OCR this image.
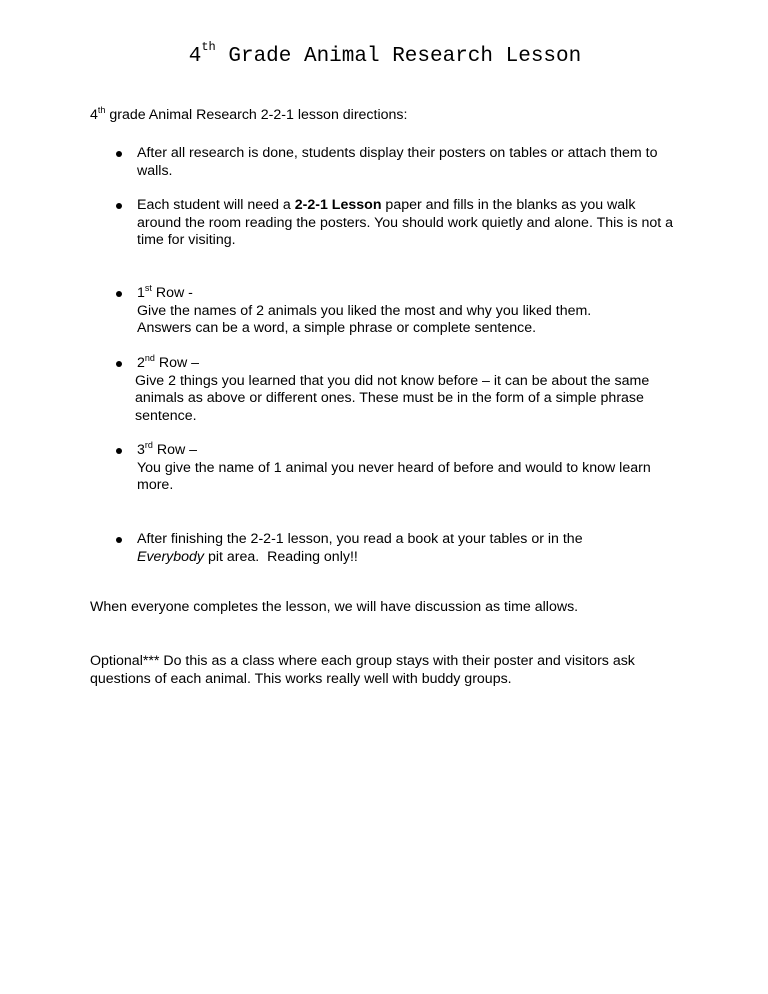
4th Grade Animal Research Lesson
4th grade Animal Research 2-2-1 lesson directions:
After all research is done, students display their posters on tables or attach them to walls.
Each student will need a 2-2-1 Lesson paper and fills in the blanks as you walk around the room reading the posters. You should work quietly and alone. This is not a time for visiting.
1st Row -
Give the names of 2 animals you liked the most and why you liked them. Answers can be a word, a simple phrase or complete sentence.
2nd Row –
Give 2 things you learned that you did not know before – it can be about the same animals as above or different ones. These must be in the form of a simple phrase sentence.
3rd Row –
You give the name of 1 animal you never heard of before and would to know learn more.
After finishing the 2-2-1 lesson, you read a book at your tables or in the Everybody pit area.  Reading only!!
When everyone completes the lesson, we will have discussion as time allows.
Optional*** Do this as a class where each group stays with their poster and visitors ask questions of each animal. This works really well with buddy groups.
